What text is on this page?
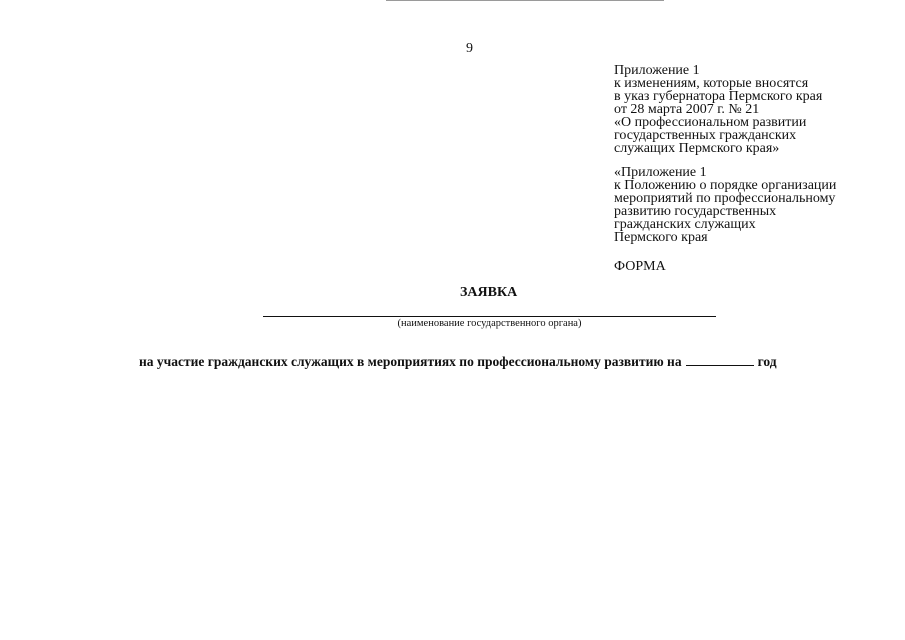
9
Приложение 1
к изменениям, которые вносятся
в указ губернатора Пермского края
от 28 марта 2007 г. № 21
«О профессиональном развитии
государственных гражданских
служащих Пермского края»
«Приложение 1
к Положению о порядке организации
мероприятий по профессиональному
развитию государственных
гражданских служащих
Пермского края
ФОРМА
ЗАЯВКА
(наименование государственного органа)
на участие гражданских служащих в мероприятиях по профессиональному развитию на	год
